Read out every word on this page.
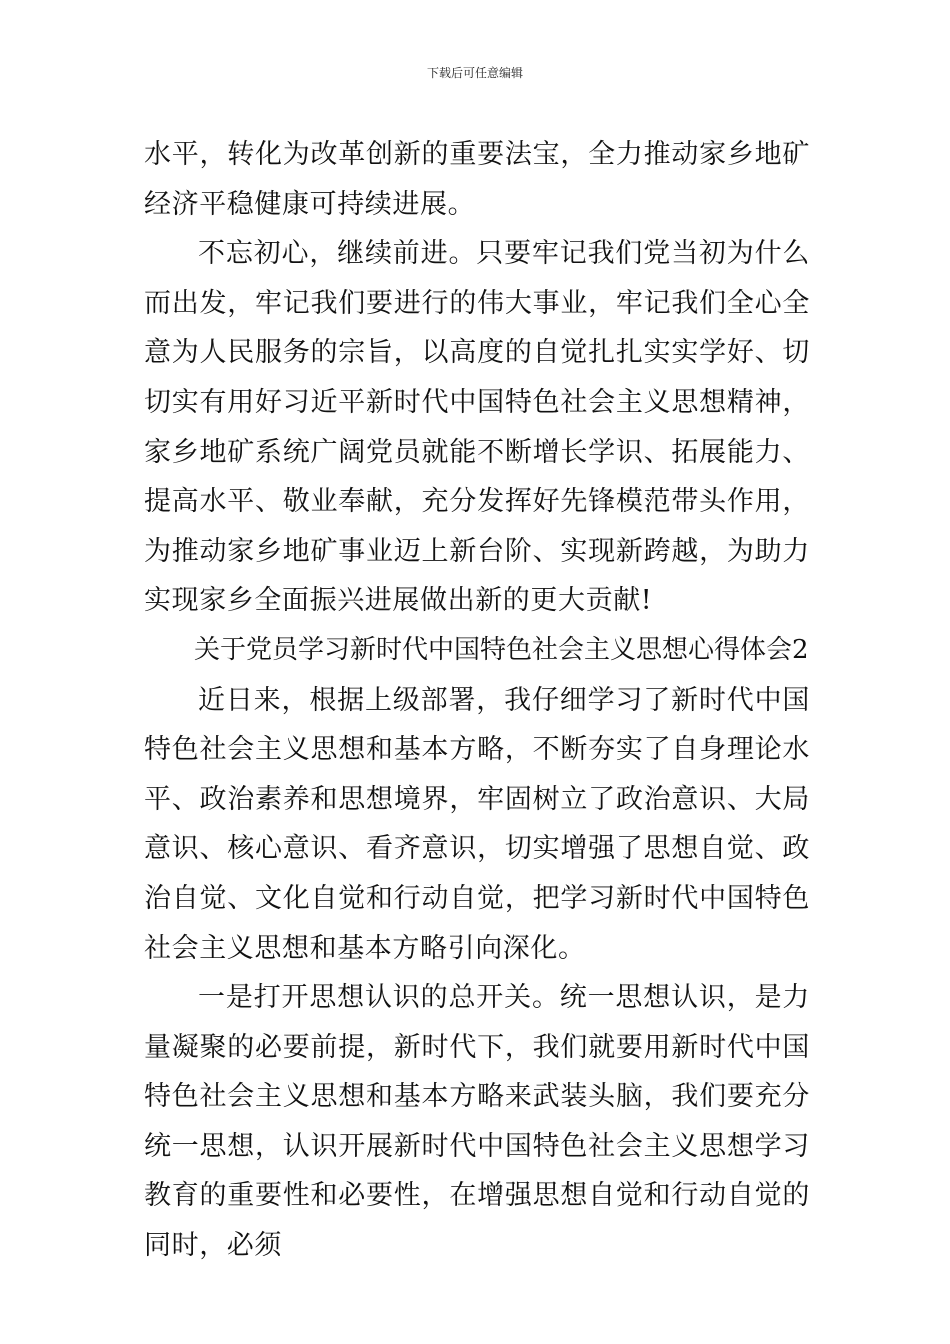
下载后可任意编辑

水平，转化为改革创新的重要法宝，全力推动家乡地矿经济平稳健康可持续进展。

不忘初心，继续前进。只要牢记我们党当初为什么而出发，牢记我们要进行的伟大事业，牢记我们全心全意为人民服务的宗旨，以高度的自觉扎扎实实学好、切切实有用好习近平新时代中国特色社会主义思想精神，家乡地矿系统广阔党员就能不断增长学识、拓展能力、提高水平、敬业奉献，充分发挥好先锋模范带头作用，为推动家乡地矿事业迈上新台阶、实现新跨越，为助力实现家乡全面振兴进展做出新的更大贡献!

关于党员学习新时代中国特色社会主义思想心得体会2

近日来，根据上级部署，我仔细学习了新时代中国特色社会主义思想和基本方略，不断夯实了自身理论水平、政治素养和思想境界，牢固树立了政治意识、大局意识、核心意识、看齐意识，切实增强了思想自觉、政治自觉、文化自觉和行动自觉，把学习新时代中国特色社会主义思想和基本方略引向深化。

一是打开思想认识的总开关。统一思想认识，是力量凝聚的必要前提，新时代下，我们就要用新时代中国特色社会主义思想和基本方略来武装头脑，我们要充分统一思想，认识开展新时代中国特色社会主义思想学习教育的重要性和必要性，在增强思想自觉和行动自觉的同时，必须
